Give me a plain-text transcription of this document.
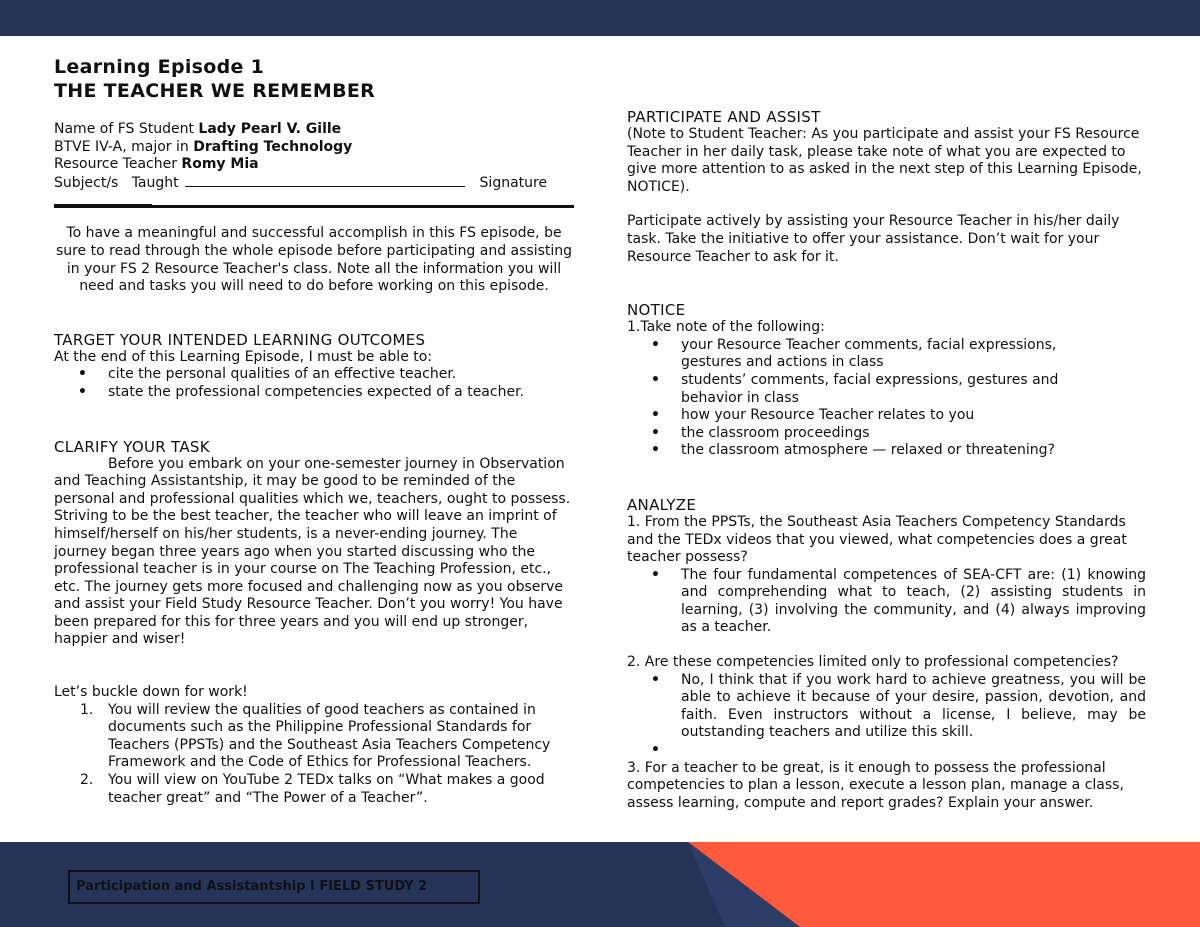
Learning Episode 1
THE TEACHER WE REMEMBER
Name of FS Student Lady Pearl V. Gille
BTVE IV-A, major in Drafting Technology
Resource Teacher Romy Mia
Subject/s   Taught	Signature

To have a meaningful and successful accomplish in this FS episode, be sure to read through the whole episode before participating and assisting in your FS 2 Resource Teacher's class. Note all the information you will need and tasks you will need to do before working on this episode.

TARGET YOUR INTENDED LEARNING OUTCOMES

At the end of this Learning Episode, I must be able to:

• cite the personal qualities of an effective teacher.
• state the professional competencies expected of a teacher.
CLARIFY YOUR TASK

Before you embark on your one-semester journey in Observation and Teaching Assistantship, it may be good to be reminded of the personal and professional qualities which we, teachers, ought to possess. Striving to be the best teacher, the teacher who will leave an imprint of himself/herself on his/her students, is a never-ending journey. The journey began three years ago when you started discussing who the professional teacher is in your course on The Teaching Profession, etc., etc. The journey gets more focused and challenging now as you observe and assist your Field Study Resource Teacher. Don’t you worry! You have been prepared for this for three years and you will end up stronger, happier and wiser!

Let’s buckle down for work!

1. You will review the qualities of good teachers as contained in documents such as the Philippine Professional Standards for Teachers (PPSTs) and the Southeast Asia Teachers Competency Framework and the Code of Ethics for Professional Teachers.
2. You will view on YouTube 2 TEDx talks on “What makes a good teacher great” and “The Power of a Teacher”.
PARTICIPATE AND ASSIST

(Note to Student Teacher: As you participate and assist your FS Resource Teacher in her daily task, please take note of what you are expected to give more attention to as asked in the next step of this Learning Episode, NOTICE).

Participate actively by assisting your Resource Teacher in his/her daily task. Take the initiative to offer your assistance. Don’t wait for your Resource Teacher to ask for it.

NOTICE

1.Take note of the following:

• your Resource Teacher comments, facial expressions, gestures and actions in class
• students’ comments, facial expressions, gestures and behavior in class
• how your Resource Teacher relates to you
• the classroom proceedings
• the classroom atmosphere — relaxed or threatening?
ANALYZE

1. From the PPSTs, the Southeast Asia Teachers Competency Standards and the TEDx videos that you viewed, what competencies does a great teacher possess?

• The four fundamental competences of SEA-CFT are: (1) knowing and comprehending what to teach, (2) assisting students in learning, (3) involving the community, and (4) always improving as a teacher.

2. Are these competencies limited only to professional competencies?

• No, I think that if you work hard to achieve greatness, you will be able to achieve it because of your desire, passion, devotion, and faith. Even instructors without a license, I believe, may be outstanding teachers and utilize this skill.
•

3. For a teacher to be great, is it enough to possess the professional competencies to plan a lesson, execute a lesson plan, manage a class, assess learning, compute and report grades? Explain your answer.

Participation and Assistantship I FIELD STUDY 2
